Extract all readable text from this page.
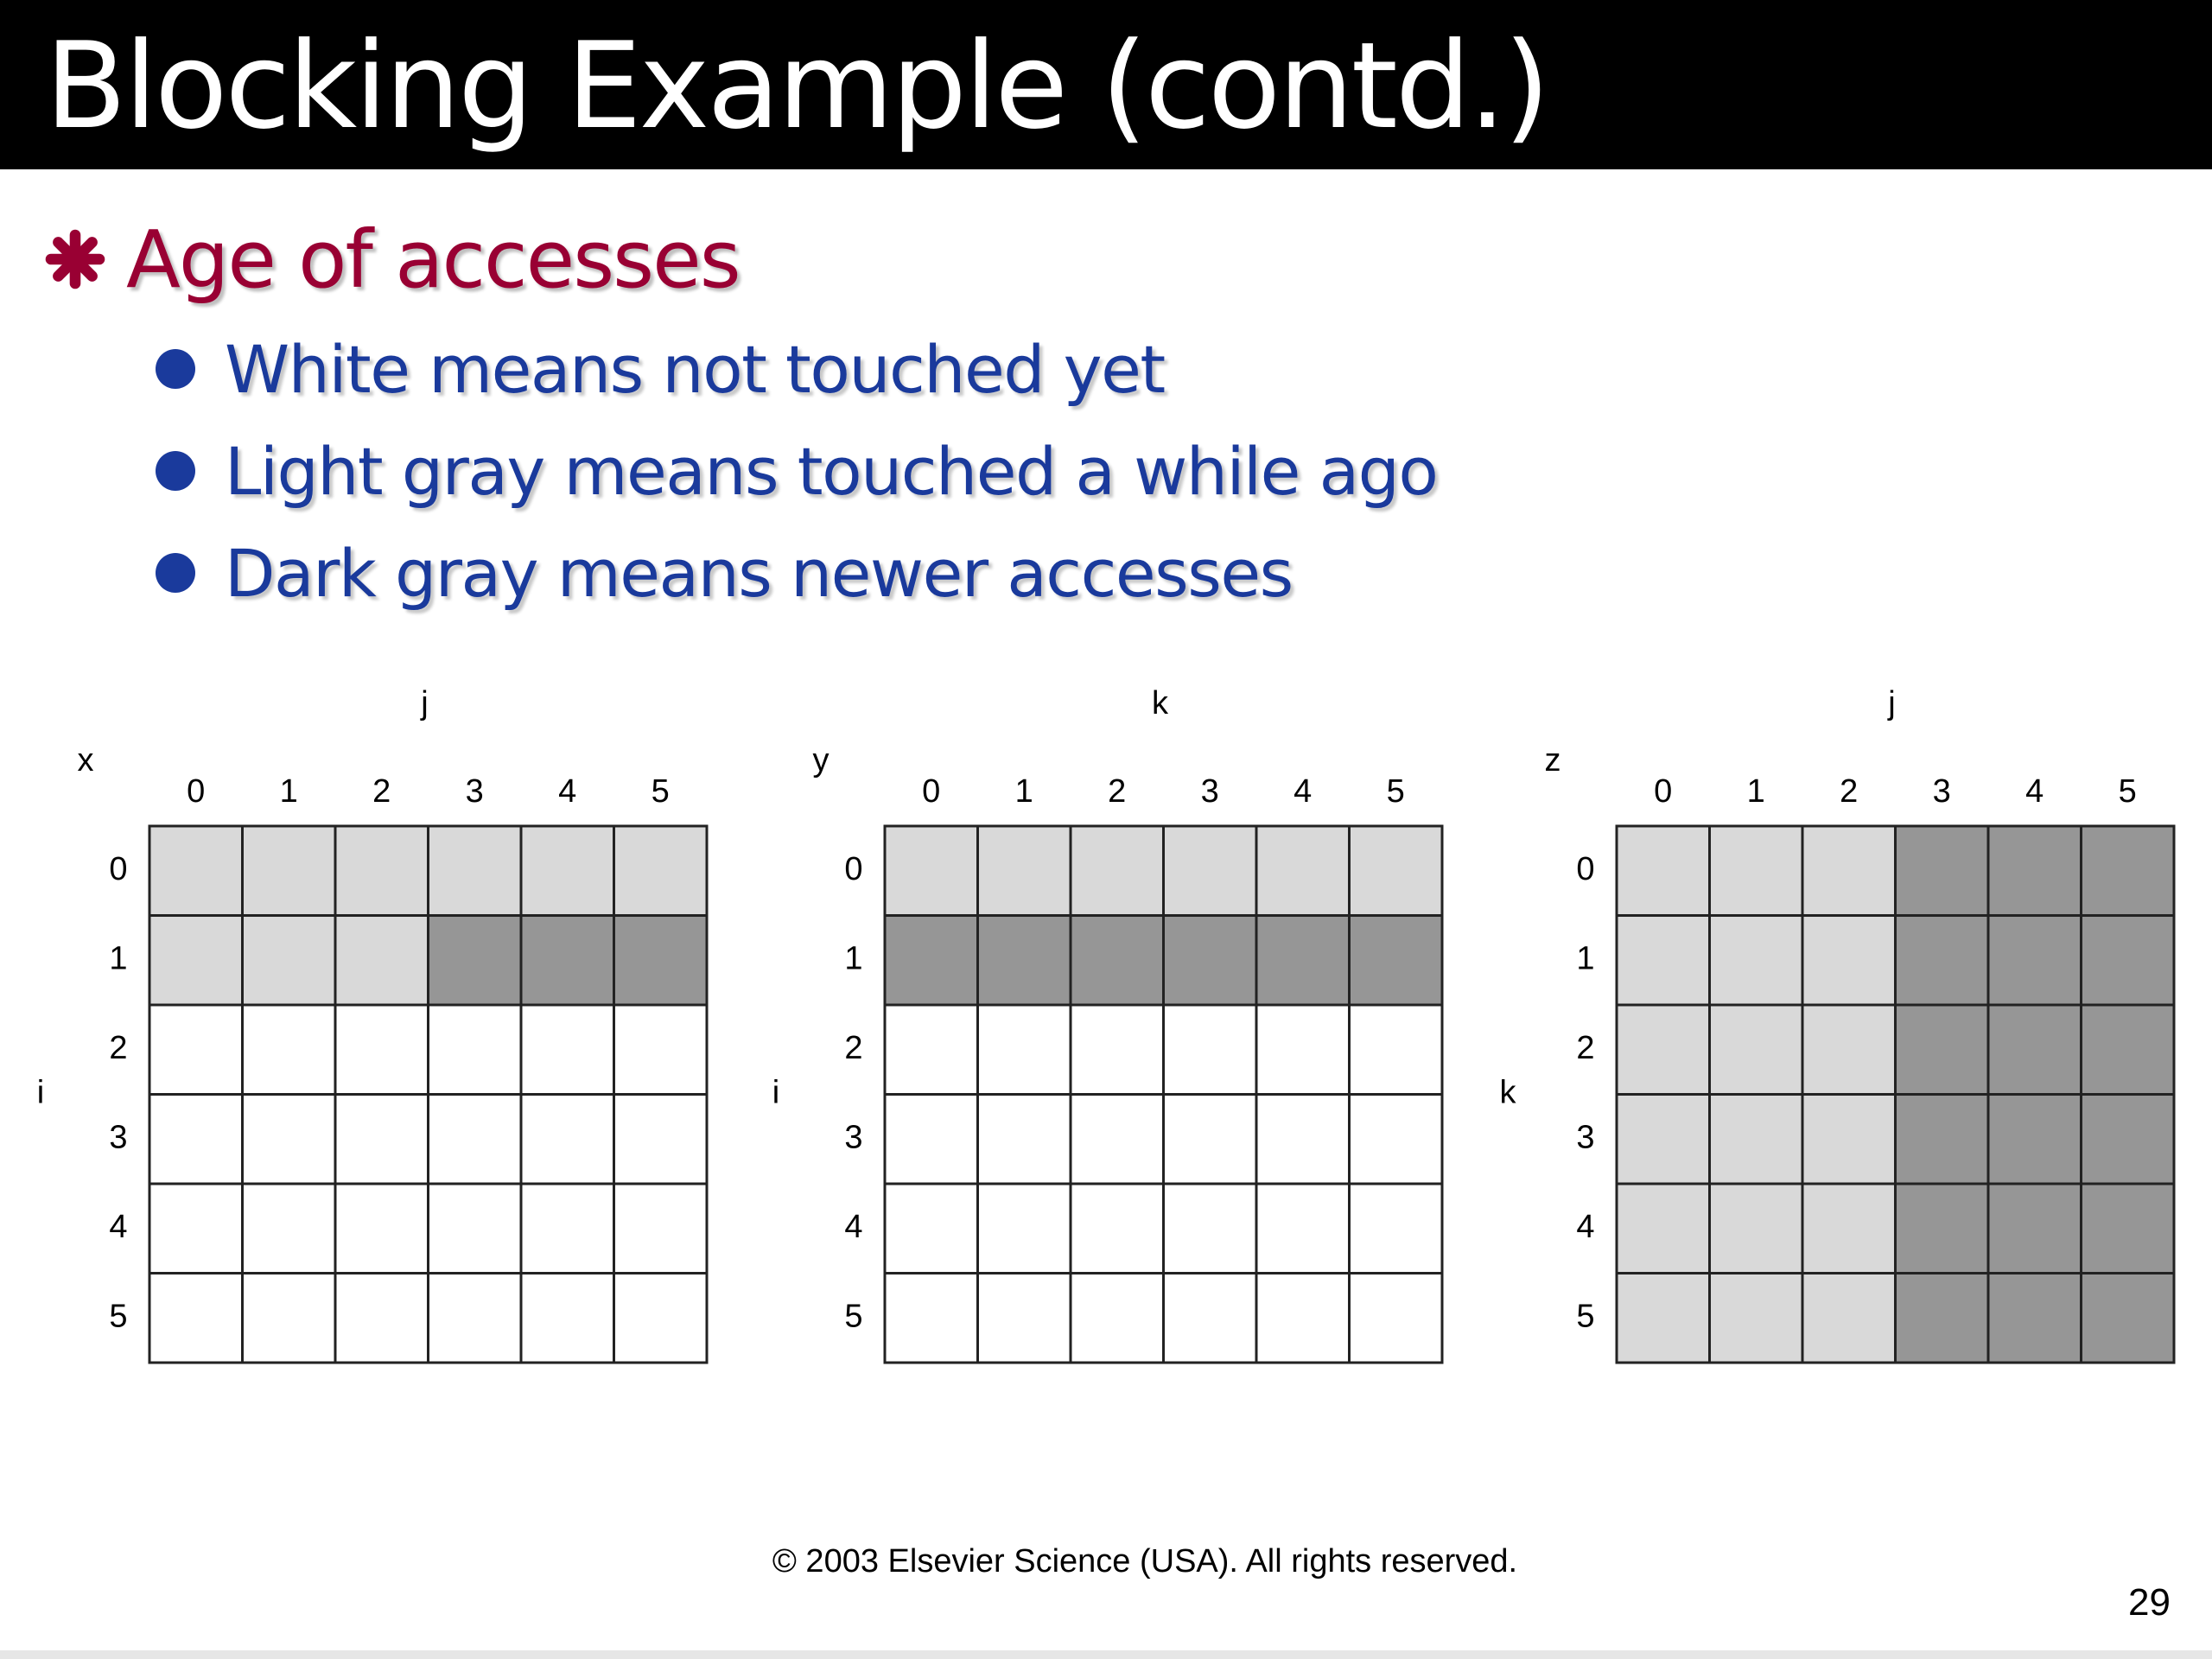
Blocking Example (contd.)
Age of accesses
White means not touched yet
Light gray means touched a while ago
Dark gray means newer accesses
x
j
i
0 1 2 3 4 5
0
1
2
3
4
5
y
k
i
0 1 2 3 4 5
0
1
2
3
4
5
z
j
k
0 1 2 3 4 5
0
1
2
3
4
5
© 2003 Elsevier Science (USA). All rights reserved.
29
